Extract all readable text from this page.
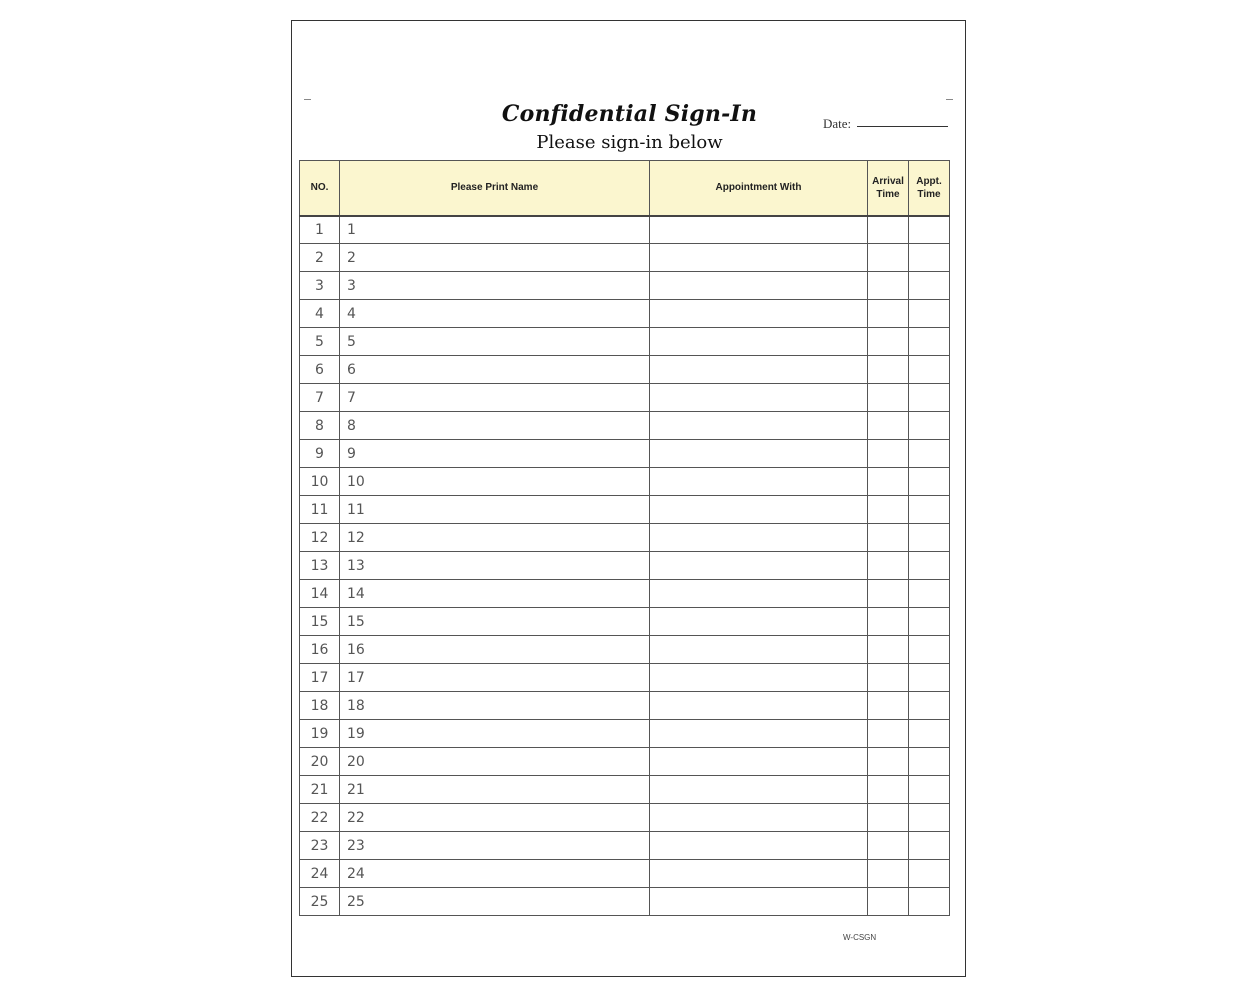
Confidential Sign-In
Please sign-in below
Date:
NO.	Please Print Name	Appointment With	Arrival Time	Appt. Time
1	1			
2	2			
3	3			
4	4			
5	5			
6	6			
7	7			
8	8			
9	9			
10	10			
11	11			
12	12			
13	13			
14	14			
15	15			
16	16			
17	17			
18	18			
19	19			
20	20			
21	21			
22	22			
23	23			
24	24			
25	25			
W-CSGN
